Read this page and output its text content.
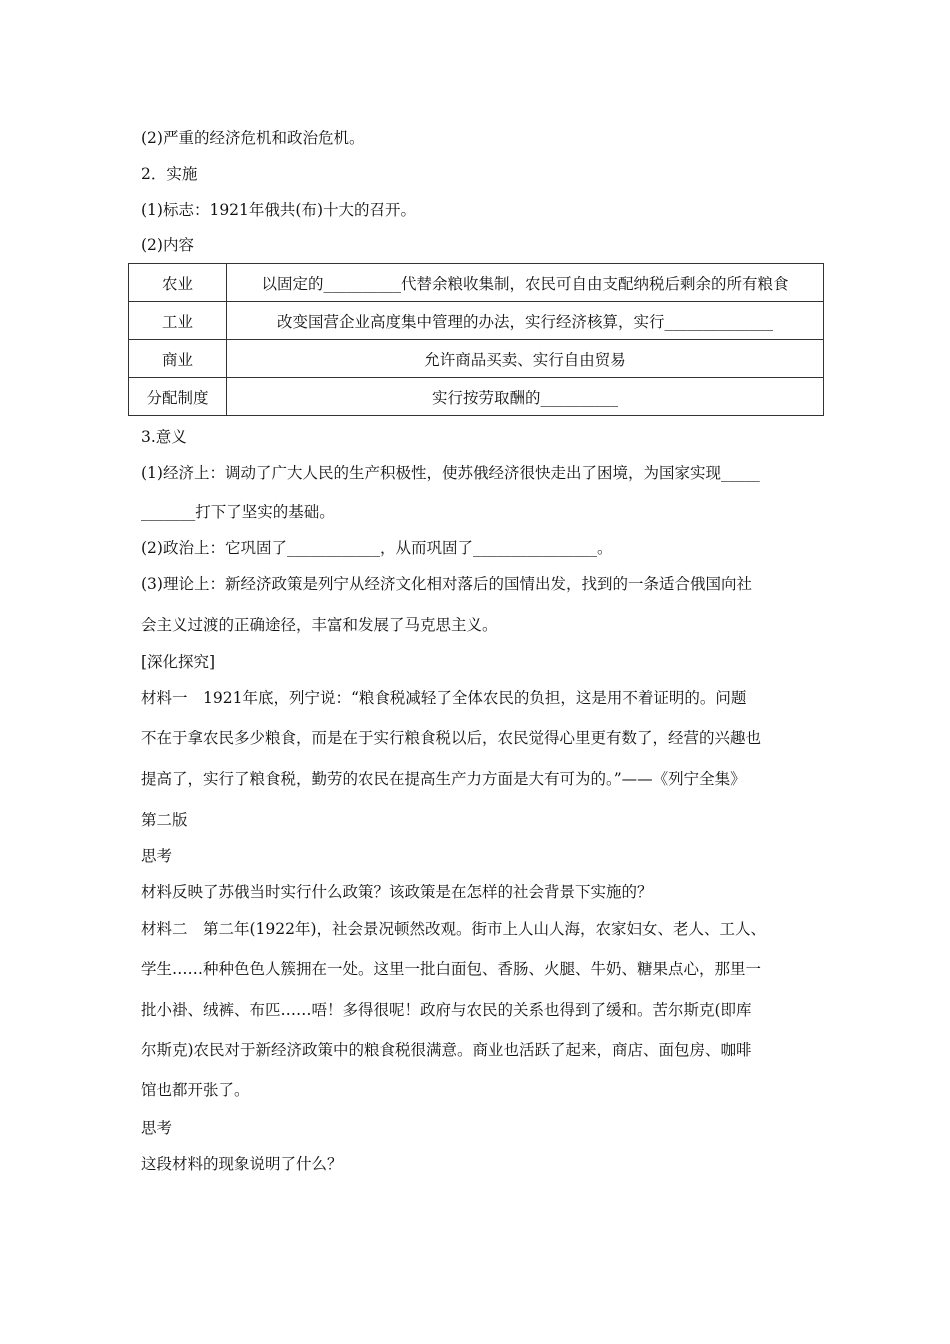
(2)严重的经济危机和政治危机。
2．实施
(1)标志：1921年俄共(布)十大的召开。
(2)内容
农业	以固定的__________代替余粮收集制，农民可自由支配纳税后剩余的所有粮食
工业	改变国营企业高度集中管理的办法，实行经济核算，实行______________
商业	允许商品买卖、实行自由贸易
分配制度	实行按劳取酬的__________
3.意义
(1)经济上：调动了广大人民的生产积极性，使苏俄经济很快走出了困境，为国家实现_____
_______打下了坚实的基础。
(2)政治上：它巩固了____________，从而巩固了________________。
(3)理论上：新经济政策是列宁从经济文化相对落后的国情出发，找到的一条适合俄国向社
会主义过渡的正确途径，丰富和发展了马克思主义。
[深化探究]
材料一　1921年底，列宁说：“粮食税减轻了全体农民的负担，这是用不着证明的。问题
不在于拿农民多少粮食，而是在于实行粮食税以后，农民觉得心里更有数了，经营的兴趣也
提高了，实行了粮食税，勤劳的农民在提高生产力方面是大有可为的。”——《列宁全集》
第二版
思考
材料反映了苏俄当时实行什么政策？该政策是在怎样的社会背景下实施的？
材料二　第二年(1922年)，社会景况顿然改观。街市上人山人海，农家妇女、老人、工人、
学生……种种色色人簇拥在一处。这里一批白面包、香肠、火腿、牛奶、糖果点心，那里一
批小褂、绒裤、布匹……唔！多得很呢！政府与农民的关系也得到了缓和。苦尔斯克(即库
尔斯克)农民对于新经济政策中的粮食税很满意。商业也活跃了起来，商店、面包房、咖啡
馆也都开张了。
思考
这段材料的现象说明了什么？
